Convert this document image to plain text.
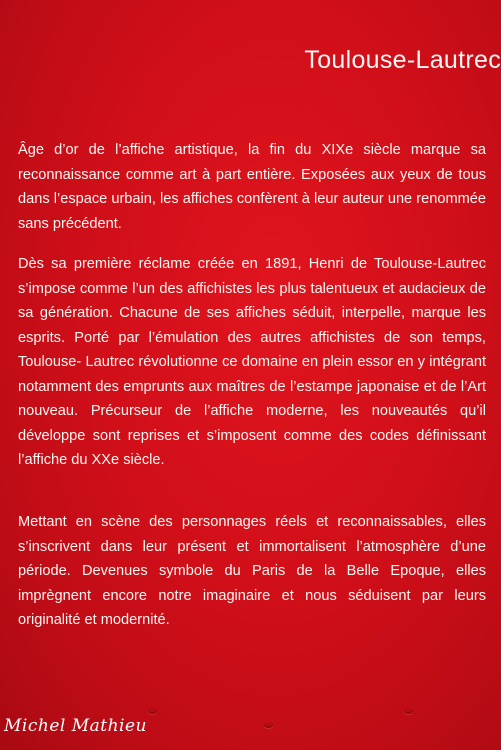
Toulouse-Lautrec

Âge d’or de l’affiche artistique, la fin du XIXe siècle marque sa reconnaissance comme art à part entière. Exposées aux yeux de tous dans l’espace urbain, les affiches confèrent à leur auteur une renommée sans précédent.

Dès sa première réclame créée en 1891, Henri de Toulouse-Lautrec s’impose comme l’un des affichistes les plus talentueux et audacieux de sa génération. Chacune de ses affiches séduit, interpelle, marque les esprits. Porté par l’émulation des autres affichistes de son temps, Toulouse- Lautrec révolutionne ce domaine en plein essor en y intégrant notamment des emprunts aux maîtres de l’estampe japonaise et de l’Art nouveau. Précurseur de l’affiche moderne, les nouveautés qu’il développe sont reprises et s’imposent comme des codes définissant l’affiche du XXe siècle.

Mettant en scène des personnages réels et reconnaissables, elles s’inscrivent dans leur présent et immortalisent l’atmosphère d’une période. Devenues symbole du Paris de la Belle Epoque, elles imprègnent encore notre imaginaire et nous séduisent par leurs originalité et modernité.

Michel Mathieu
